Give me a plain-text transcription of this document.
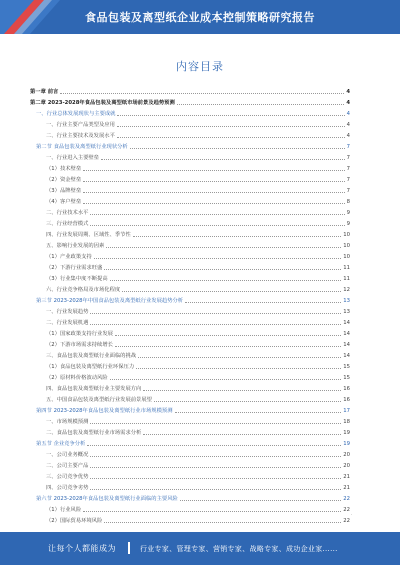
食品包装及离型纸企业成本控制策略研究报告
内容目录
第一章 前言	4
第二章 2023-2028年食品包装及离型纸市场前景及趋势预测	4
一、行业总体发展现状与主要成就	4
一、行业主要产品类型及应用	4
二、行业主要技术及发展水平	4
第二节 食品包装及离型纸行业现状分析	7
一、行业进入主要壁垒	7
（1）技术壁垒	7
（2）资金壁垒	7
（3）品牌壁垒	7
（4）客户壁垒	8
二、行业技术水平	9
三、行业经营模式	9
四、行业发展周期、区域性、季节性	10
五、影响行业发展的因素	10
（1）产业政策支持	10
（2）下游行业需求旺盛	11
（3）行业集中度不断提高	11
六、行业竞争格局及市场化程度	12
第三节 2023-2028年中国食品包装及离型纸行业发展趋势分析	13
一、行业发展趋势	13
二、行业发展机遇	14
（1）国家政策支持行业发展	14
（2）下游市场需求持续增长	14
三、食品包装及离型纸行业面临的挑战	14
（1）食品包装及离型纸行业环保压力	15
（2）原材料价格波动风险	15
四、食品包装及离型纸行业主要发展方向	16
五、中国食品包装及离型纸行业发展前景展望	16
第四节 2023-2028年食品包装及离型纸行业市场规模预测	17
一、市场规模预测	18
二、食品包装及离型纸行业市场需求分析	19
第五节 企业竞争分析	19
一、公司业务概况	20
二、公司主要产品	20
三、公司竞争优势	21
四、公司竞争劣势	21
第六节 2023-2028年食品包装及离型纸行业面临的主要风险	22
（1）行业风险	22
（2）国际贸易环境风险	22
·
让每个人都能成为	行业专家、管理专家、营销专家、战略专家、成功企业家......
